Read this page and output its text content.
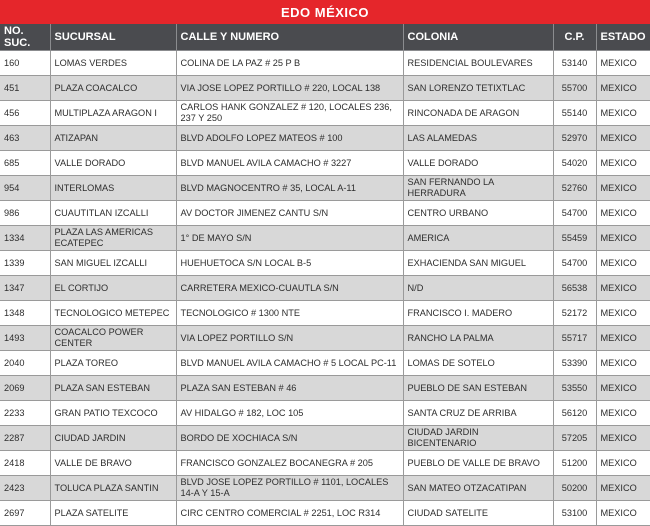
EDO MÉXICO
NO. SUC.	SUCURSAL	CALLE Y NUMERO	COLONIA	C.P.	ESTADO
160	LOMAS VERDES	COLINA DE LA PAZ # 25 P B	RESIDENCIAL BOULEVARES	53140	MEXICO
451	PLAZA COACALCO	VIA JOSE LOPEZ PORTILLO # 220, LOCAL 138	SAN LORENZO TETIXTLAC	55700	MEXICO
456	MULTIPLAZA ARAGON I	CARLOS HANK GONZALEZ # 120, LOCALES 236, 237 Y 250	RINCONADA DE ARAGON	55140	MEXICO
463	ATIZAPAN	BLVD ADOLFO LOPEZ MATEOS # 100	LAS ALAMEDAS	52970	MEXICO
685	VALLE DORADO	BLVD MANUEL AVILA CAMACHO # 3227	VALLE DORADO	54020	MEXICO
954	INTERLOMAS	BLVD MAGNOCENTRO # 35, LOCAL A-11	SAN FERNANDO LA HERRADURA	52760	MEXICO
986	CUAUTITLAN IZCALLI	AV DOCTOR JIMENEZ CANTU S/N	CENTRO URBANO	54700	MEXICO
1334	PLAZA LAS AMERICAS ECATEPEC	1° DE MAYO S/N	AMERICA	55459	MEXICO
1339	SAN MIGUEL IZCALLI	HUEHUETOCA S/N LOCAL B-5	EXHACIENDA SAN MIGUEL	54700	MEXICO
1347	EL CORTIJO	CARRETERA MEXICO-CUAUTLA S/N	N/D	56538	MEXICO
1348	TECNOLOGICO METEPEC	TECNOLOGICO # 1300 NTE	FRANCISCO I. MADERO	52172	MEXICO
1493	COACALCO POWER CENTER	VIA LOPEZ PORTILLO S/N	RANCHO LA PALMA	55717	MEXICO
2040	PLAZA TOREO	BLVD MANUEL AVILA CAMACHO # 5 LOCAL PC-11	LOMAS DE SOTELO	53390	MEXICO
2069	PLAZA SAN ESTEBAN	PLAZA SAN ESTEBAN # 46	PUEBLO DE SAN ESTEBAN	53550	MEXICO
2233	GRAN PATIO TEXCOCO	AV HIDALGO # 182, LOC 105	SANTA CRUZ DE ARRIBA	56120	MEXICO
2287	CIUDAD JARDIN	BORDO DE XOCHIACA S/N	CIUDAD JARDIN BICENTENARIO	57205	MEXICO
2418	VALLE DE BRAVO	FRANCISCO GONZALEZ BOCANEGRA # 205	PUEBLO DE VALLE DE BRAVO	51200	MEXICO
2423	TOLUCA PLAZA SANTIN	BLVD JOSE LOPEZ PORTILLO # 1101, LOCALES 14-A Y 15-A	SAN MATEO OTZACATIPAN	50200	MEXICO
2697	PLAZA SATELITE	CIRC CENTRO COMERCIAL # 2251, LOC R314	CIUDAD SATELITE	53100	MEXICO
